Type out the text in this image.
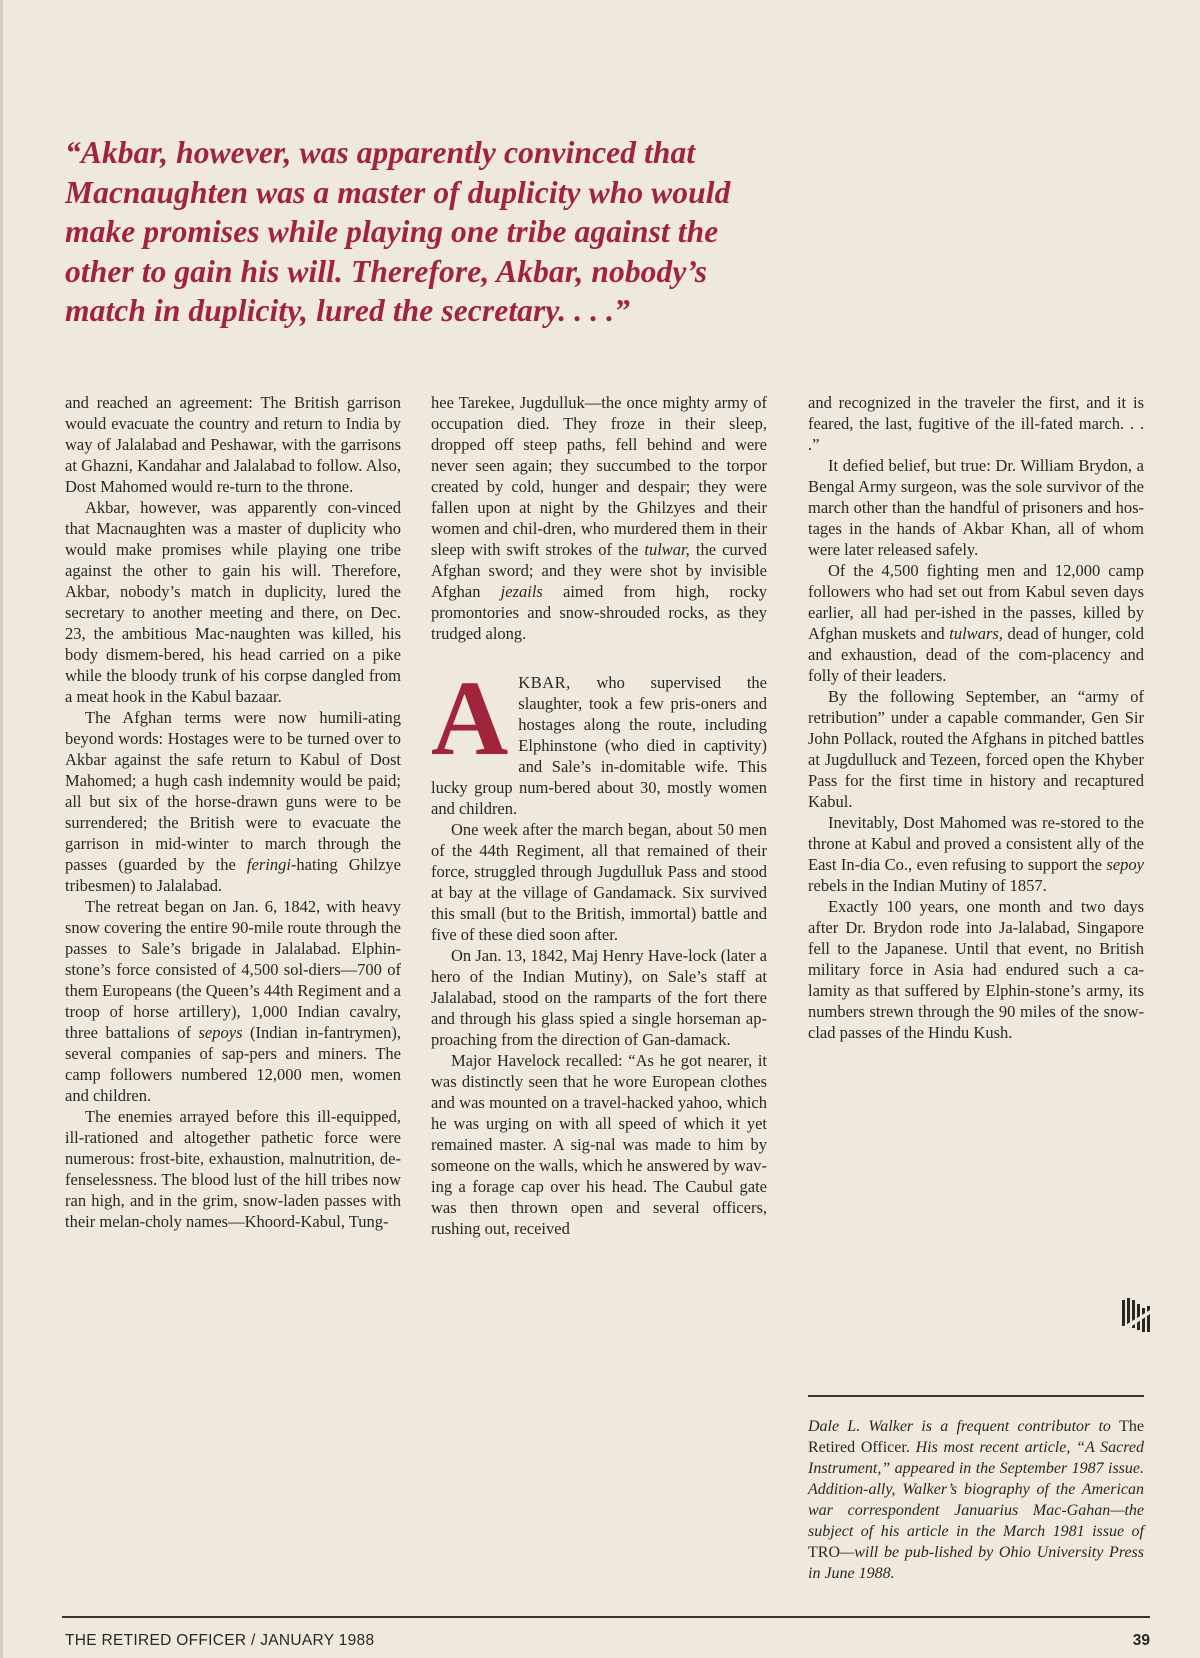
“Akbar, however, was apparently convinced that Macnaughten was a master of duplicity who would make promises while playing one tribe against the other to gain his will. Therefore, Akbar, nobody’s match in duplicity, lured the secretary. . . .”

and reached an agreement: The British garrison would evacuate the country and return to India by way of Jalalabad and Peshawar, with the garrisons at Ghazni, Kandahar and Jalalabad to follow. Also, Dost Mahomed would re-turn to the throne.

Akbar, however, was apparently con-vinced that Macnaughten was a master of duplicity who would make promises while playing one tribe against the other to gain his will. Therefore, Akbar, nobody’s match in duplicity, lured the secretary to another meeting and there, on Dec. 23, the ambitious Mac-naughten was killed, his body dismem-bered, his head carried on a pike while the bloody trunk of his corpse dangled from a meat hook in the Kabul bazaar.

The Afghan terms were now humili-ating beyond words: Hostages were to be turned over to Akbar against the safe return to Kabul of Dost Mahomed; a hugh cash indemnity would be paid; all but six of the horse-drawn guns were to be surrendered; the British were to evacuate the garrison in mid-winter to march through the passes (guarded by the feringi-hating Ghilzye tribesmen) to Jalalabad.

The retreat began on Jan. 6, 1842, with heavy snow covering the entire 90-mile route through the passes to Sale’s brigade in Jalalabad. Elphin-stone’s force consisted of 4,500 sol-diers—700 of them Europeans (the Queen’s 44th Regiment and a troop of horse artillery), 1,000 Indian cavalry, three battalions of sepoys (Indian in-fantrymen), several companies of sap-pers and miners. The camp followers numbered 12,000 men, women and children.

The enemies arrayed before this ill-equipped, ill-rationed and altogether pathetic force were numerous: frost-bite, exhaustion, malnutrition, de-fenselessness. The blood lust of the hill tribes now ran high, and in the grim, snow-laden passes with their melan-choly names—Khoord-Kabul, Tung-

hee Tarekee, Jugdulluk—the once mighty army of occupation died. They froze in their sleep, dropped off steep paths, fell behind and were never seen again; they succumbed to the torpor created by cold, hunger and despair; they were fallen upon at night by the Ghilzyes and their women and chil-dren, who murdered them in their sleep with swift strokes of the tulwar, the curved Afghan sword; and they were shot by invisible Afghan jezails aimed from high, rocky promontories and snow-shrouded rocks, as they trudged along.

AKBAR, who supervised the slaughter, took a few pris-oners and hostages along the route, including Elphinstone (who died in captivity) and Sale’s in-domitable wife. This lucky group num-bered about 30, mostly women and children.

One week after the march began, about 50 men of the 44th Regiment, all that remained of their force, struggled through Jugdulluk Pass and stood at bay at the village of Gandamack. Six survived this small (but to the British, immortal) battle and five of these died soon after.

On Jan. 13, 1842, Maj Henry Have-lock (later a hero of the Indian Mutiny), on Sale’s staff at Jalalabad, stood on the ramparts of the fort there and through his glass spied a single horseman ap-proaching from the direction of Gan-damack.

Major Havelock recalled: “As he got nearer, it was distinctly seen that he wore European clothes and was mounted on a travel-hacked yahoo, which he was urging on with all speed of which it yet remained master. A sig-nal was made to him by someone on the walls, which he answered by wav-ing a forage cap over his head. The Caubul gate was then thrown open and several officers, rushing out, received

and recognized in the traveler the first, and it is feared, the last, fugitive of the ill-fated march. . . .”

It defied belief, but true: Dr. William Brydon, a Bengal Army surgeon, was the sole survivor of the march other than the handful of prisoners and hos-tages in the hands of Akbar Khan, all of whom were later released safely.

Of the 4,500 fighting men and 12,000 camp followers who had set out from Kabul seven days earlier, all had per-ished in the passes, killed by Afghan muskets and tulwars, dead of hunger, cold and exhaustion, dead of the com-placency and folly of their leaders.

By the following September, an “army of retribution” under a capable commander, Gen Sir John Pollack, routed the Afghans in pitched battles at Jugdulluck and Tezeen, forced open the Khyber Pass for the first time in history and recaptured Kabul.

Inevitably, Dost Mahomed was re-stored to the throne at Kabul and proved a consistent ally of the East In-dia Co., even refusing to support the sepoy rebels in the Indian Mutiny of 1857.

Exactly 100 years, one month and two days after Dr. Brydon rode into Ja-lalabad, Singapore fell to the Japanese. Until that event, no British military force in Asia had endured such a ca-lamity as that suffered by Elphin-stone’s army, its numbers strewn through the 90 miles of the snow-clad passes of the Hindu Kush.

Dale L. Walker is a frequent contributor to The Retired Officer. His most recent article, “A Sacred Instrument,” appeared in the September 1987 issue. Addition-ally, Walker’s biography of the American war correspondent Januarius Mac-Gahan—the subject of his article in the March 1981 issue of TRO—will be pub-lished by Ohio University Press in June 1988.
THE RETIRED OFFICER / JANUARY 1988	39
